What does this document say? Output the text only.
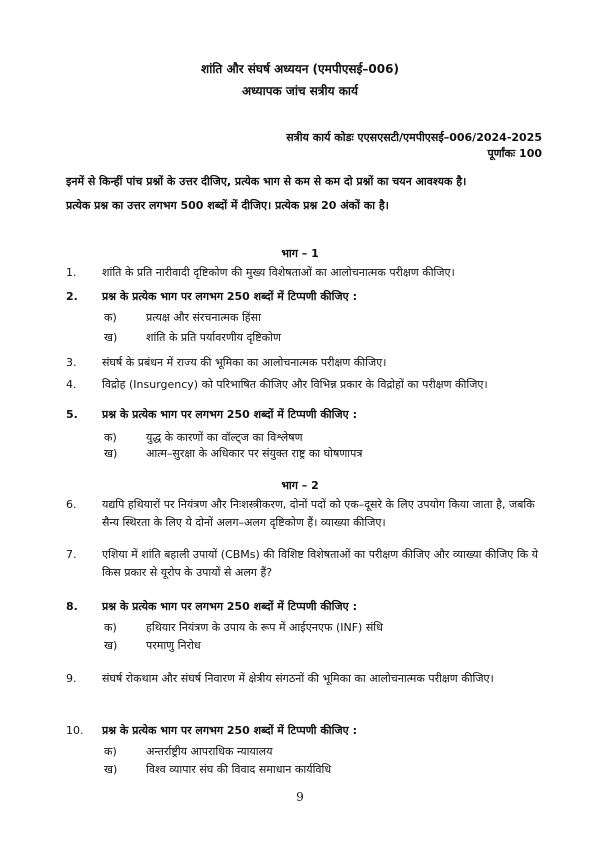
शांति और संघर्ष अध्ययन (एमपीएसई–006)
अध्यापक जांच सत्रीय कार्य
सत्रीय कार्य कोडः एएसएसटी/एमपीएसई–006/2024-2025
पूर्णांकः 100
इनमें से किन्हीं पांच प्रश्नों के उत्तर दीजिए, प्रत्येक भाग से कम से कम दो प्रश्नों का चयन आवश्यक है।
प्रत्येक प्रश्न का उत्तर लगभग 500 शब्दों में दीजिए। प्रत्येक प्रश्न 20 अंकों का है।
भाग – 1
1.	शांति के प्रति नारीवादी दृष्टिकोण की मुख्य विशेषताओं का आलोचनात्मक परीक्षण कीजिए।
2.	प्रश्न के प्रत्येक भाग पर लगभग 250 शब्दों में टिप्पणी कीजिए :
क)	प्रत्यक्ष और संरचनात्मक हिंसा
ख)	शांति के प्रति पर्यावरणीय दृष्टिकोण
3.	संघर्ष के प्रबंधन में राज्य की भूमिका का आलोचनात्मक परीक्षण कीजिए।
4.	विद्रोह (Insurgency) को परिभाषित कीजिए और विभिन्न प्रकार के विद्रोहों का परीक्षण कीजिए।
5.	प्रश्न के प्रत्येक भाग पर लगभग 250 शब्दों में टिप्पणी कीजिए :
क)	युद्ध के कारणों का वॉल्ट्ज का विश्लेषण
ख)	आत्म–सुरक्षा के अधिकार पर संयुक्त राष्ट्र का घोषणापत्र
भाग – 2
6.	यद्यपि हथियारों पर नियंत्रण और निःशस्त्रीकरण, दोनों पदों को एक–दूसरे के लिए उपयोग किया जाता है, जबकि सैन्य स्थिरता के लिए ये दोनों अलग–अलग दृष्टिकोण हैं। व्याख्या कीजिए।
7.	एशिया में शांति बहाली उपायों (CBMs) की विशिष्ट विशेषताओं का परीक्षण कीजिए और व्याख्या कीजिए कि ये किस प्रकार से यूरोप के उपायों से अलग हैं?
8.	प्रश्न के प्रत्येक भाग पर लगभग 250 शब्दों में टिप्पणी कीजिए :
क)	हथियार नियंत्रण के उपाय के रूप में आईएनएफ (INF) संधि
ख)	परमाणु निरोध
9.	संघर्ष रोकथाम और संघर्ष निवारण में क्षेत्रीय संगठनों की भूमिका का आलोचनात्मक परीक्षण कीजिए।
10.	प्रश्न के प्रत्येक भाग पर लगभग 250 शब्दों में टिप्पणी कीजिए :
क)	अन्तर्राष्ट्रीय आपराधिक न्यायालय
ख)	विश्व व्यापार संघ की विवाद समाधान कार्यविधि
9
